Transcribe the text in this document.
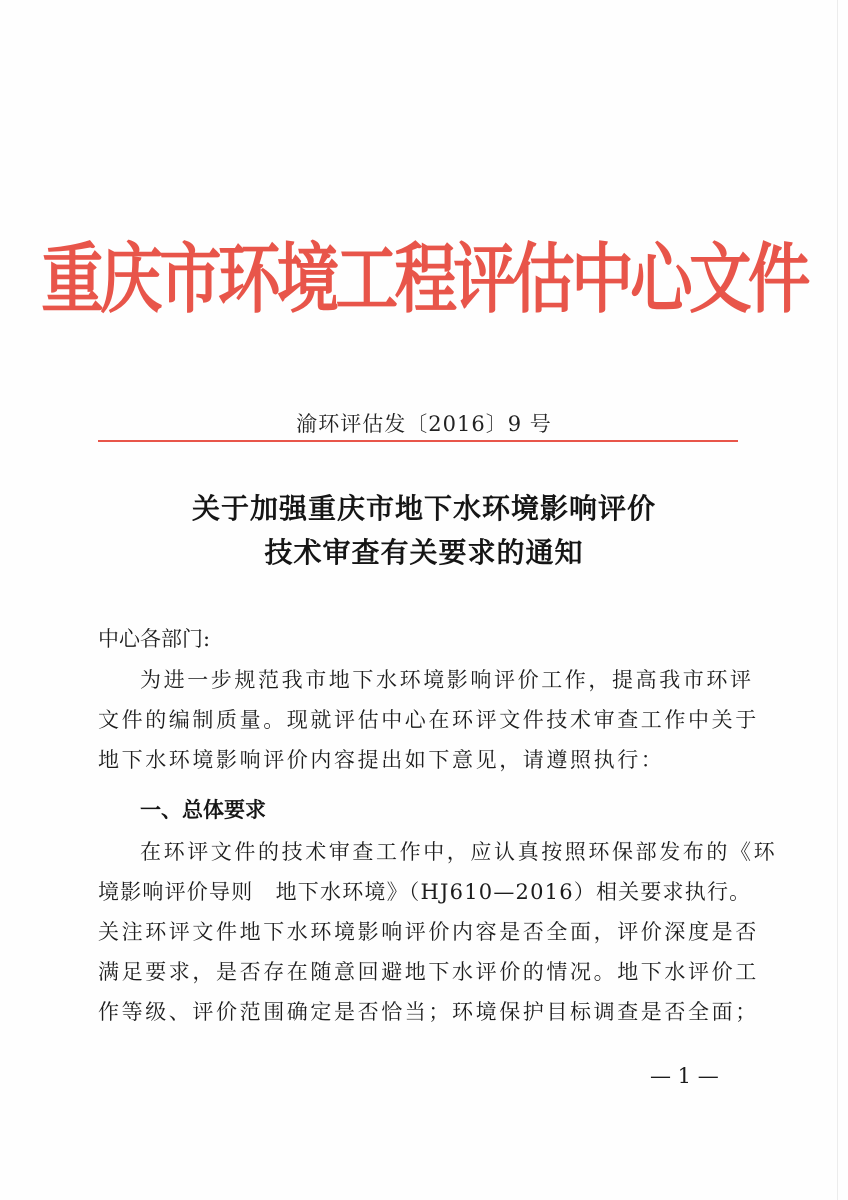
重庆市环境工程评估中心文件
渝环评估发〔2016〕9 号
关于加强重庆市地下水环境影响评价
技术审查有关要求的通知
中心各部门:
为进一步规范我市地下水环境影响评价工作，提高我市环评
文件的编制质量。现就评估中心在环评文件技术审查工作中关于
地下水环境影响评价内容提出如下意见，请遵照执行：
一、总体要求
在环评文件的技术审查工作中，应认真按照环保部发布的《环
境影响评价导则　地下水环境》（HJ610—2016）相关要求执行。
关注环评文件地下水环境影响评价内容是否全面，评价深度是否
满足要求，是否存在随意回避地下水评价的情况。地下水评价工
作等级、评价范围确定是否恰当；环境保护目标调查是否全面；
— 1 —
